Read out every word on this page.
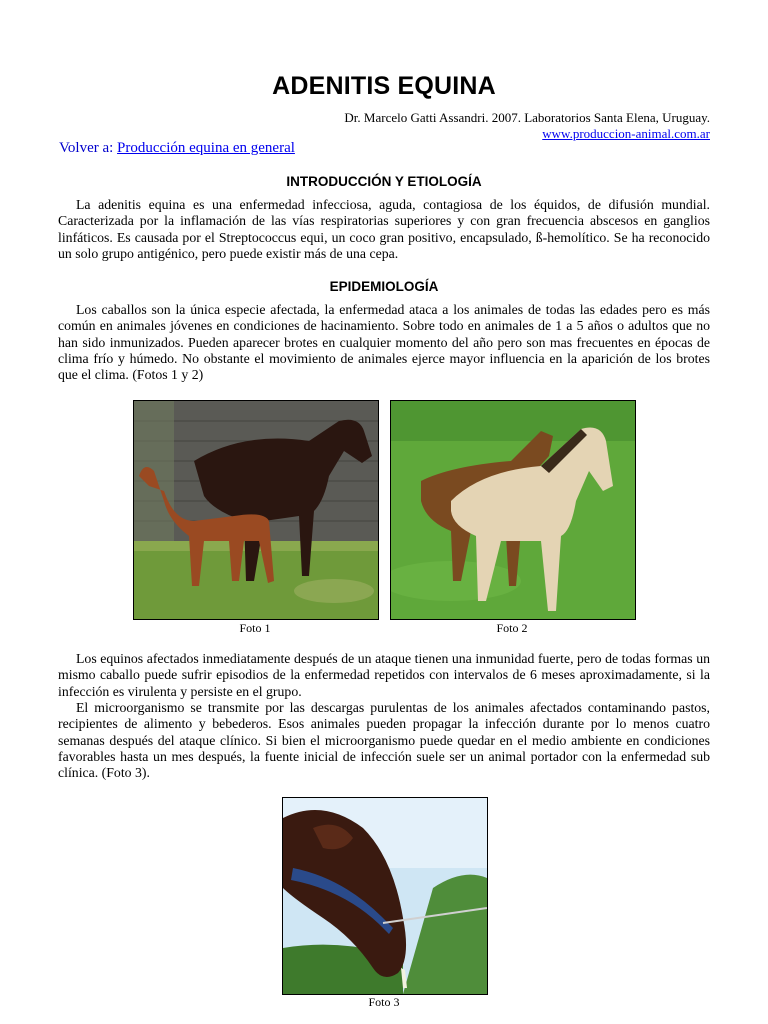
ADENITIS EQUINA
Dr. Marcelo Gatti Assandri. 2007. Laboratorios Santa Elena, Uruguay.
www.produccion-animal.com.ar
Volver a: Producción equina en general
INTRODUCCIÓN Y ETIOLOGÍA

La adenitis equina es una enfermedad infecciosa, aguda, contagiosa de los équidos, de difusión mundial. Caracterizada por la inflamación de las vías respiratorias superiores y con gran frecuencia abscesos en ganglios linfáticos. Es causada por el Streptococcus equi, un coco gran positivo, encapsulado, ß-hemolítico. Se ha reconocido un solo grupo antigénico, pero puede existir más de una cepa.

EPIDEMIOLOGÍA

Los caballos son la única especie afectada, la enfermedad ataca a los animales de todas las edades pero es más común en animales jóvenes en condiciones de hacinamiento. Sobre todo en animales de 1 a 5 años o adultos que no han sido inmunizados. Pueden aparecer brotes en cualquier momento del año pero son mas frecuentes en épocas de clima frío y húmedo. No obstante el movimiento de animales ejerce mayor influencia en la aparición de los brotes que el clima. (Fotos 1 y 2)

Foto 1	Foto 2

Los equinos afectados inmediatamente después de un ataque tienen una inmunidad fuerte, pero de todas formas un mismo caballo puede sufrir episodios de la enfermedad repetidos con intervalos de 6 meses aproximadamente, si la infección es virulenta y persiste en el grupo.

El microorganismo se transmite por las descargas purulentas de los animales afectados contaminando pastos, recipientes de alimento y bebederos. Esos animales pueden propagar la infección durante por lo menos cuatro semanas después del ataque clínico. Si bien el microorganismo puede quedar en el medio ambiente en condiciones favorables hasta un mes después, la fuente inicial de infección suele ser un animal portador con la enfermedad sub clínica. (Foto 3).

Foto 3
